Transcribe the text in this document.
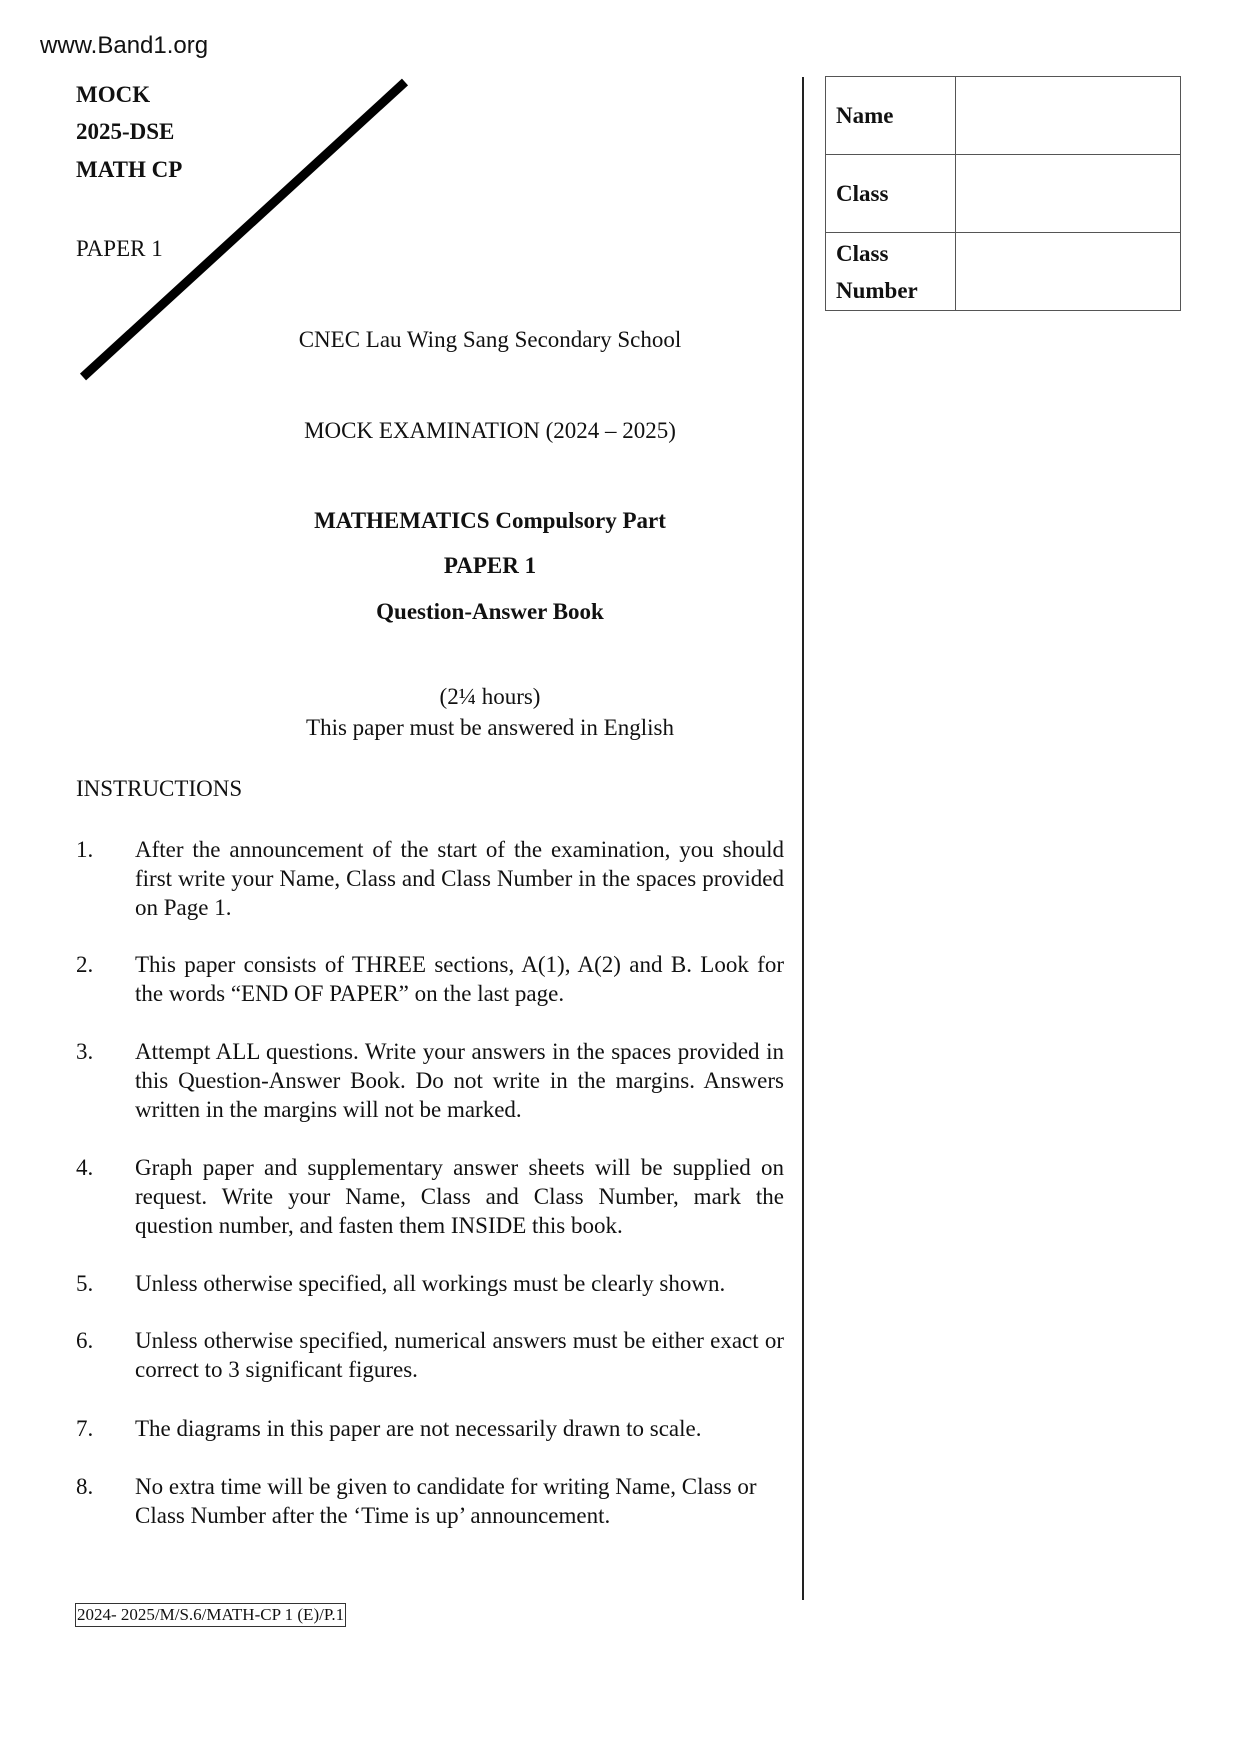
www.Band1.org
MOCK
2025-DSE
MATH CP
PAPER 1
Name	
Class	
Class Number	
CNEC Lau Wing Sang Secondary School
MOCK EXAMINATION (2024 – 2025)
MATHEMATICS Compulsory Part
PAPER 1
Question-Answer Book
(2¼ hours)
This paper must be answered in English
INSTRUCTIONS
1. After the announcement of the start of the examination, you should first write your Name, Class and Class Number in the spaces provided on Page 1.
2. This paper consists of THREE sections, A(1), A(2) and B. Look for the words “END OF PAPER” on the last page.
3. Attempt ALL questions. Write your answers in the spaces provided in this Question-Answer Book. Do not write in the margins. Answers written in the margins will not be marked.
4. Graph paper and supplementary answer sheets will be supplied on request. Write your Name, Class and Class Number, mark the question number, and fasten them INSIDE this book.
5. Unless otherwise specified, all workings must be clearly shown.
6. Unless otherwise specified, numerical answers must be either exact or correct to 3 significant figures.
7. The diagrams in this paper are not necessarily drawn to scale.
8. No extra time will be given to candidate for writing Name, Class or Class Number after the ‘Time is up’ announcement.
2024- 2025/M/S.6/MATH-CP 1 (E)/P.1
